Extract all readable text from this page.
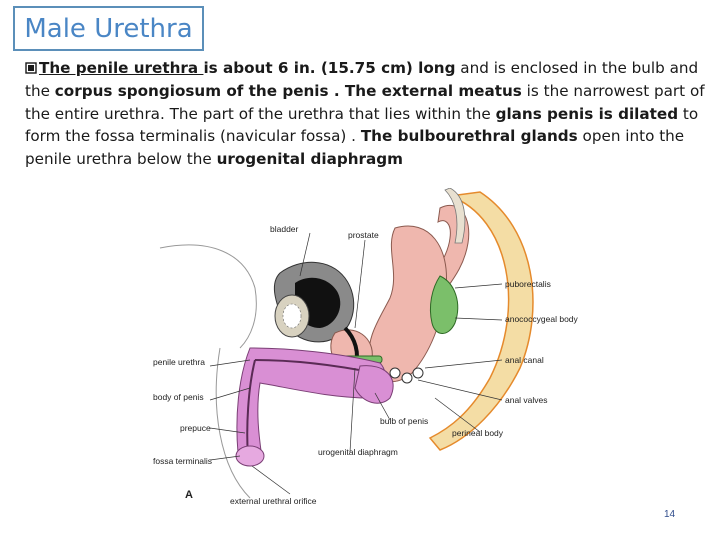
Male Urethra
The penile urethra is about 6 in. (15.75 cm) long and is enclosed in the bulb and the corpus spongiosum of the penis . The external meatus is the narrowest part of the entire urethra. The part of the urethra that lies within the glans penis is dilated to form the fossa terminalis (navicular fossa) . The bulbourethral glands open into the penile urethra below the urogenital diaphragm
bladder
prostate
puborectalis
anococcygeal body
anal canal
anal valves
perineal body
bulb of penis
urogenital diaphragm
external urethral orifice
penile urethra
body of penis
prepuce
fossa terminalis
A
14
